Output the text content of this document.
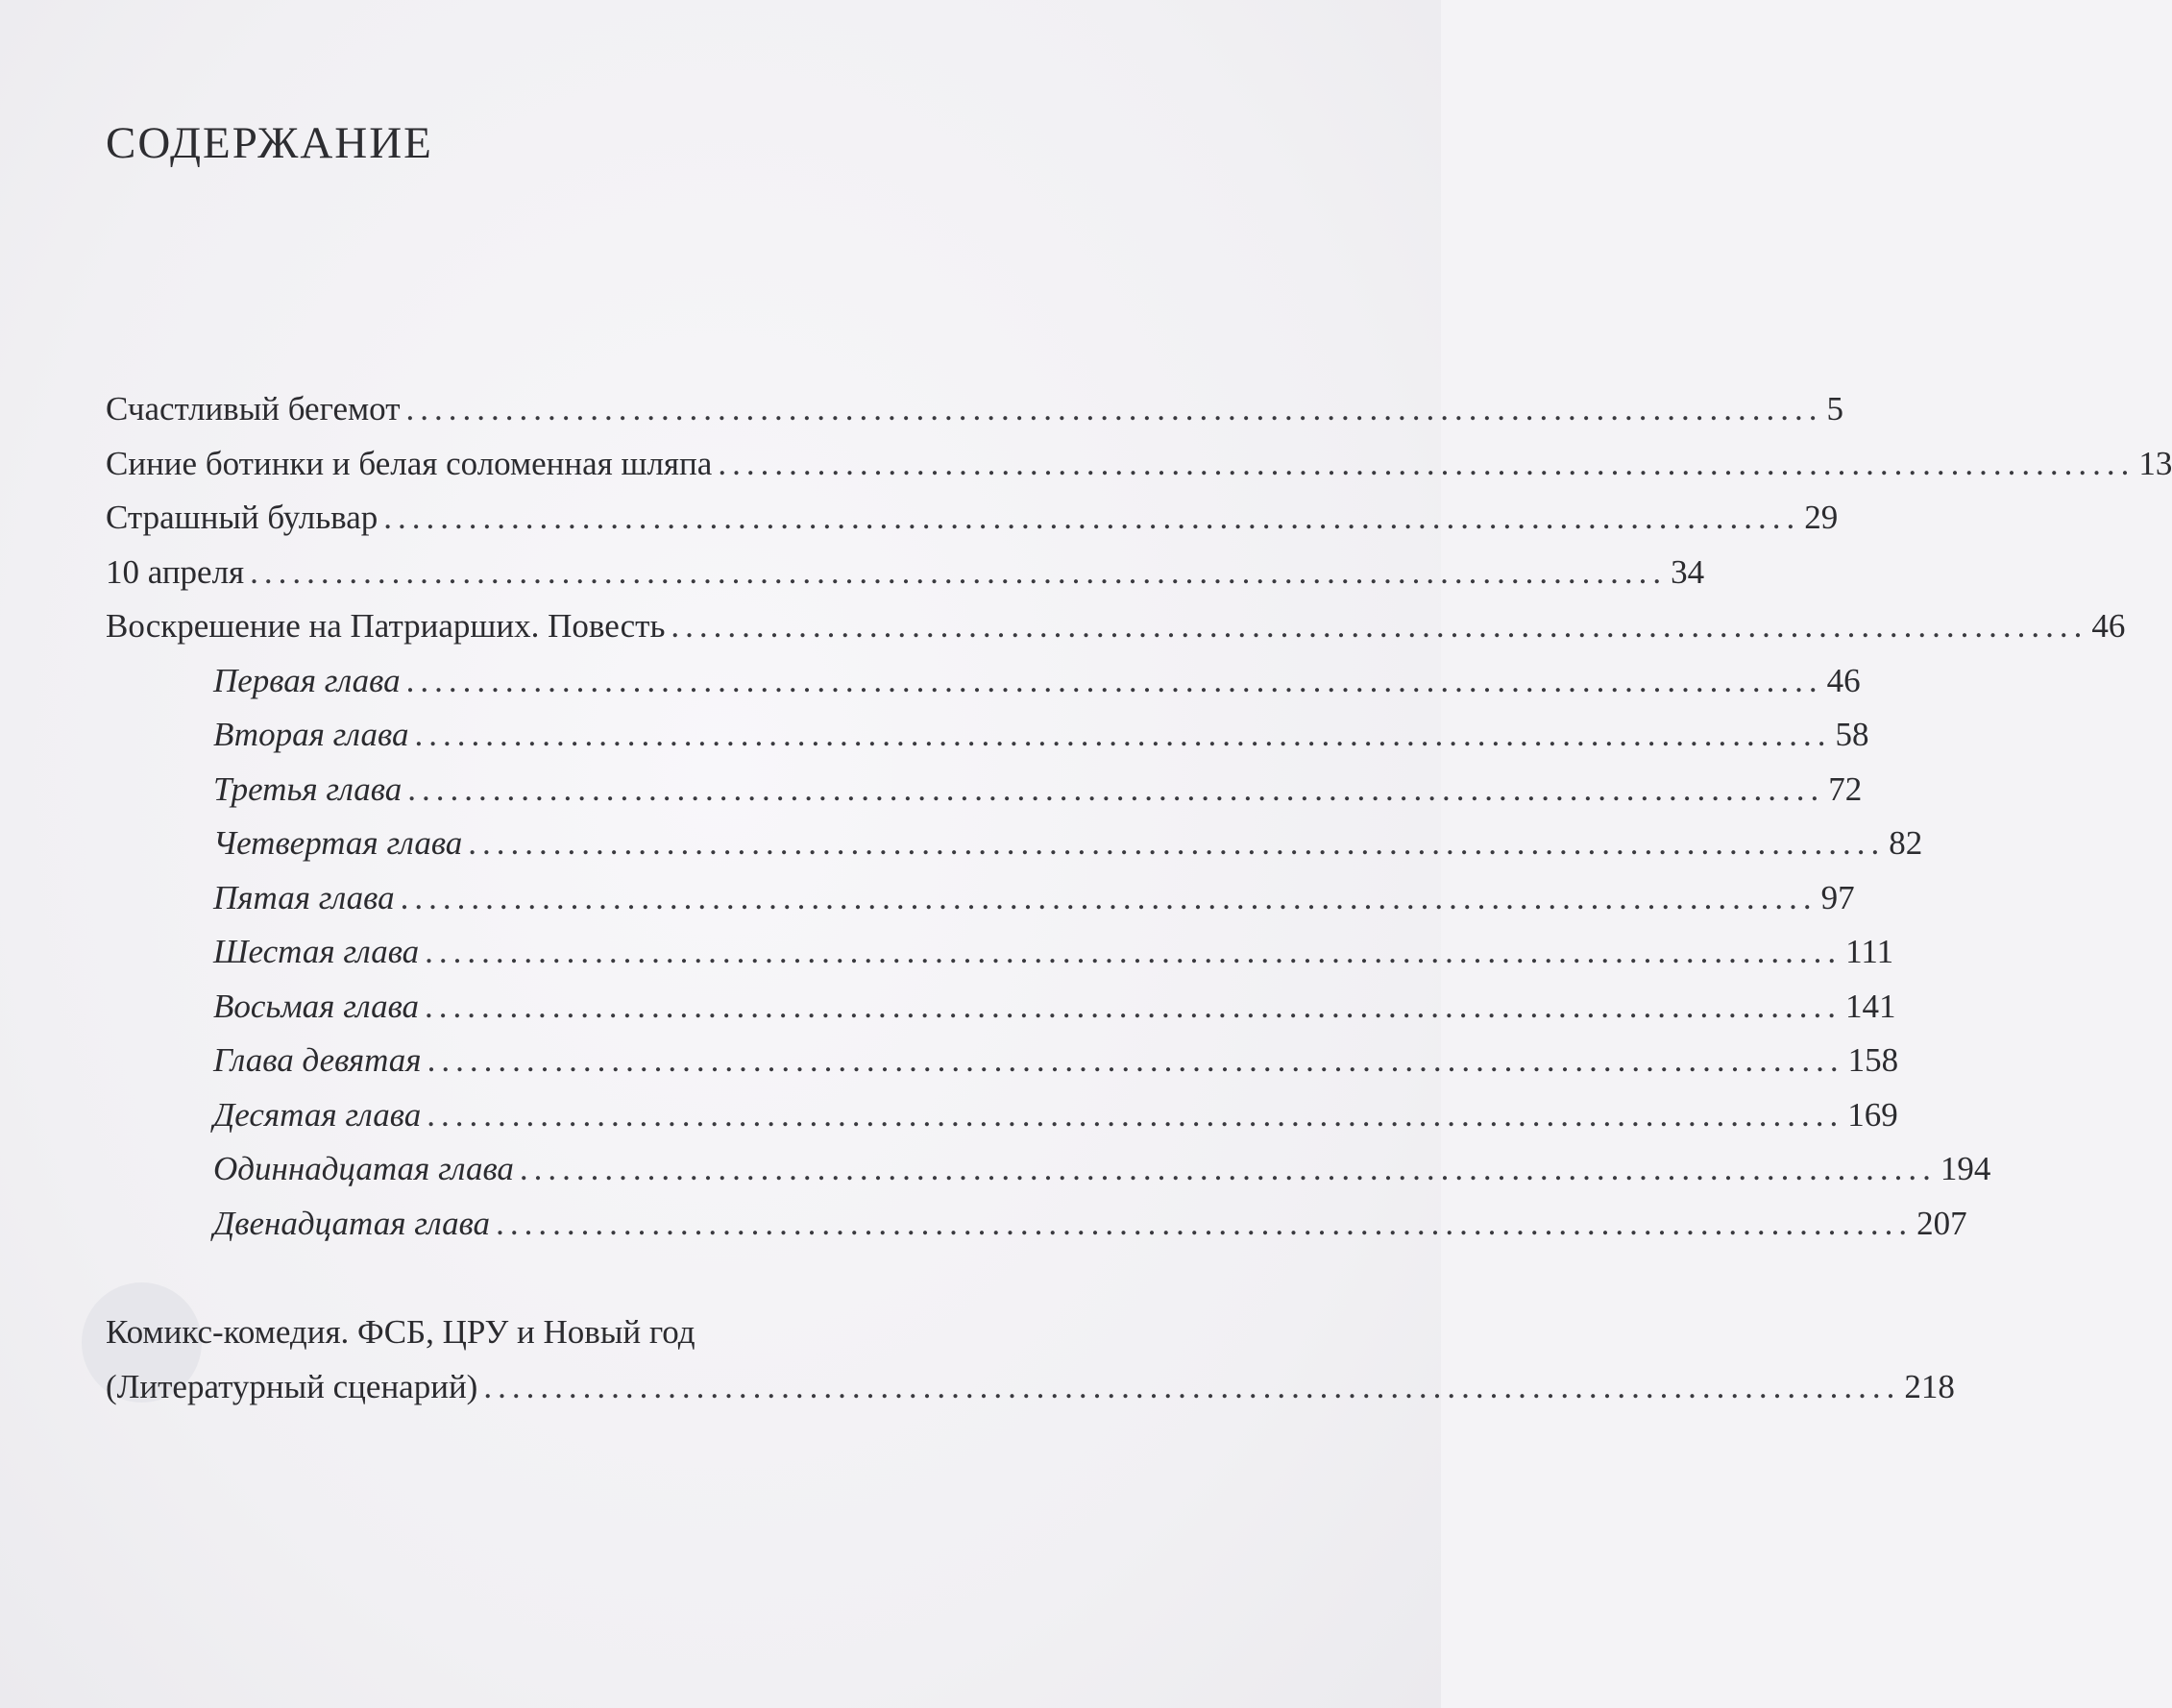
СОДЕРЖАНИЕ
Счастливый бегемот .................................................................................................... 5
Синие ботинки и белая соломенная шляпа .................................................................................................... 13
Страшный бульвар .................................................................................................... 29
10 апреля .................................................................................................... 34
Воскрешение на Патриарших. Повесть .................................................................................................... 46
Первая глава .................................................................................................... 46
Вторая глава .................................................................................................... 58
Третья глава .................................................................................................... 72
Четвертая глава .................................................................................................... 82
Пятая глава .................................................................................................... 97
Шестая глава .................................................................................................... 111
Восьмая глава .................................................................................................... 141
Глава девятая .................................................................................................... 158
Десятая глава .................................................................................................... 169
Одиннадцатая глава .................................................................................................... 194
Двенадцатая глава .................................................................................................... 207
Комикс-комедия. ФСБ, ЦРУ и Новый год
(Литературный сценарий) .................................................................................................... 218
